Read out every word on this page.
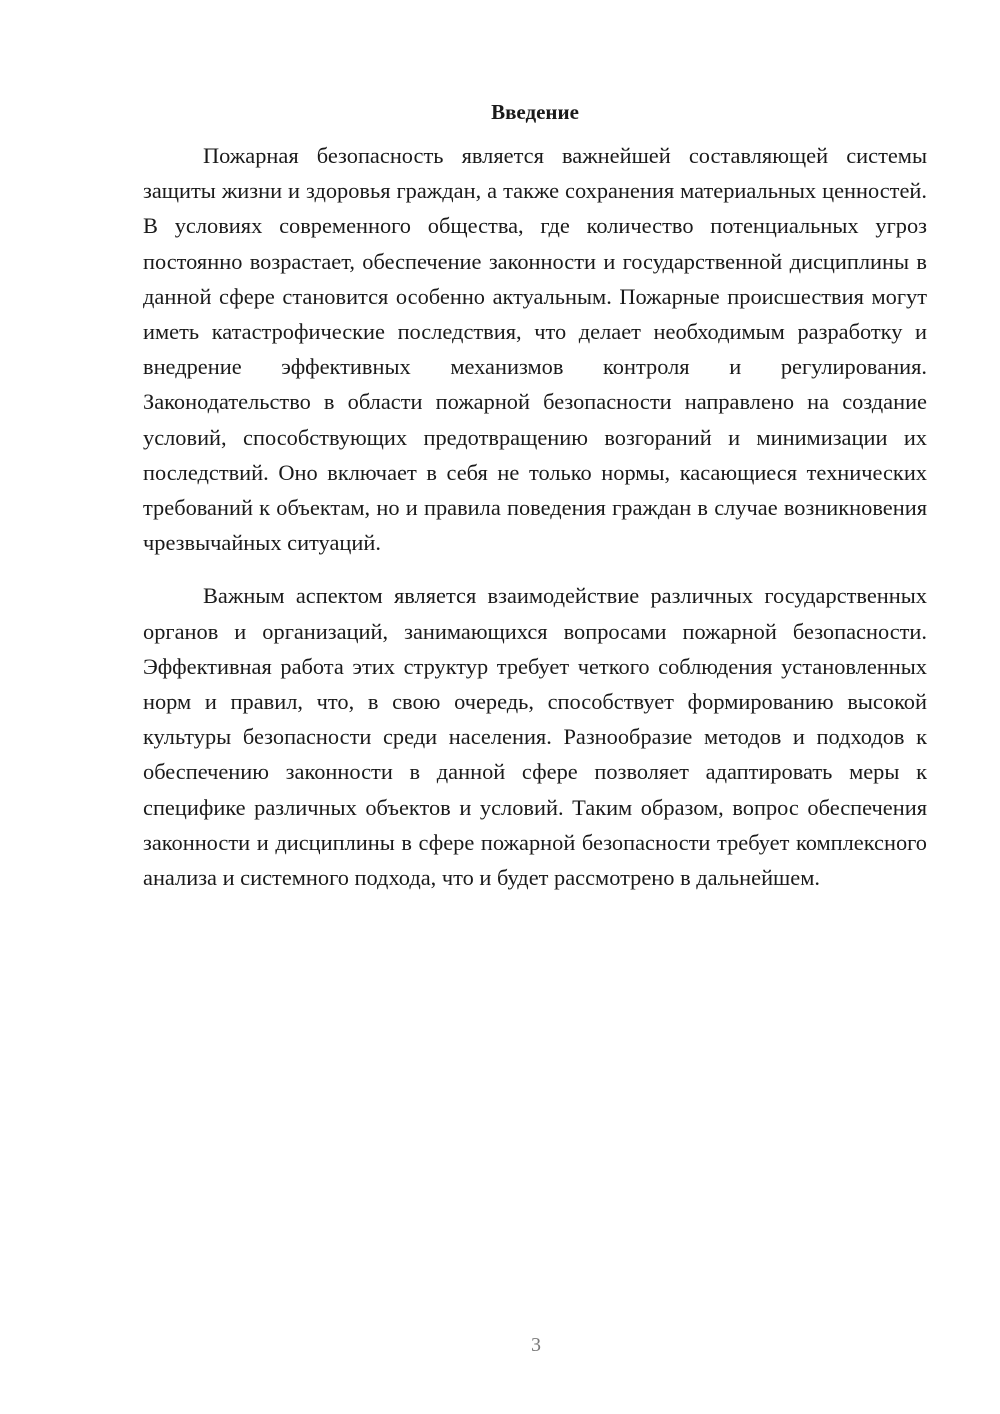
Введение

Пожарная безопасность является важнейшей составляющей системы защиты жизни и здоровья граждан, а также сохранения материальных ценностей. В условиях современного общества, где количество потенциальных угроз постоянно возрастает, обеспечение законности и государственной дисциплины в данной сфере становится особенно актуальным. Пожарные происшествия могут иметь катастрофические последствия, что делает необходимым разработку и внедрение эффективных механизмов контроля и регулирования. Законодательство в области пожарной безопасности направлено на создание условий, способствующих предотвращению возгораний и минимизации их последствий. Оно включает в себя не только нормы, касающиеся технических требований к объектам, но и правила поведения граждан в случае возникновения чрезвычайных ситуаций.

Важным аспектом является взаимодействие различных государственных органов и организаций, занимающихся вопросами пожарной безопасности. Эффективная работа этих структур требует четкого соблюдения установленных норм и правил, что, в свою очередь, способствует формированию высокой культуры безопасности среди населения. Разнообразие методов и подходов к обеспечению законности в данной сфере позволяет адаптировать меры к специфике различных объектов и условий. Таким образом, вопрос обеспечения законности и дисциплины в сфере пожарной безопасности требует комплексного анализа и системного подхода, что и будет рассмотрено в дальнейшем.

3
